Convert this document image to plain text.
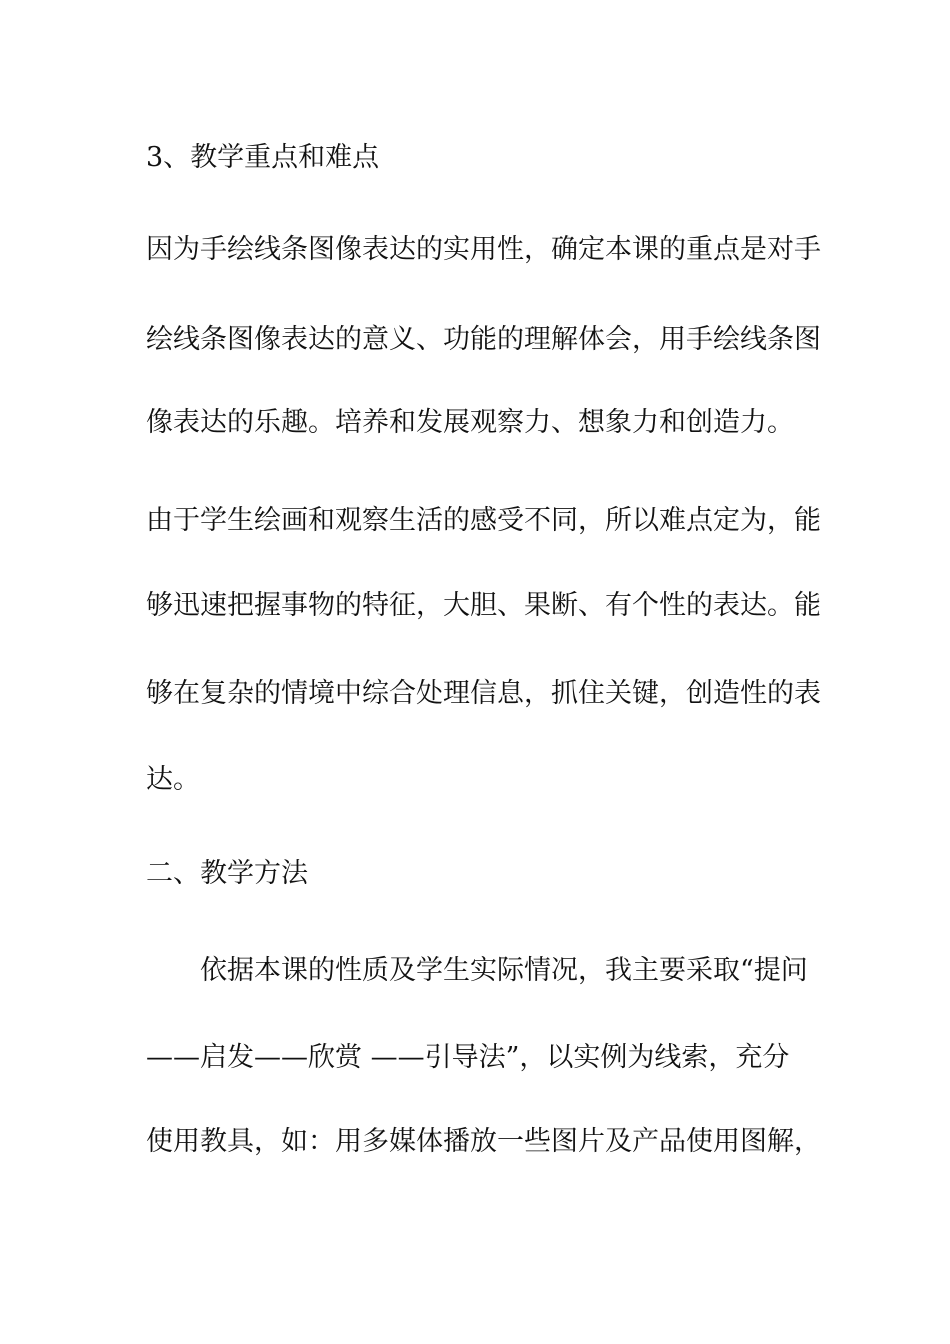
3、教学重点和难点
因为手绘线条图像表达的实用性，确定本课的重点是对手
绘线条图像表达的意义、功能的理解体会，用手绘线条图
像表达的乐趣。培养和发展观察力、想象力和创造力。
由于学生绘画和观察生活的感受不同，所以难点定为，能
够迅速把握事物的特征，大胆、果断、有个性的表达。能
够在复杂的情境中综合处理信息，抓住关键，创造性的表
达。
二、教学方法
依据本课的性质及学生实际情况，我主要采取“提问
——启发——欣赏 ——引导法”，以实例为线索，充分
使用教具，如：用多媒体播放一些图片及产品使用图解，
